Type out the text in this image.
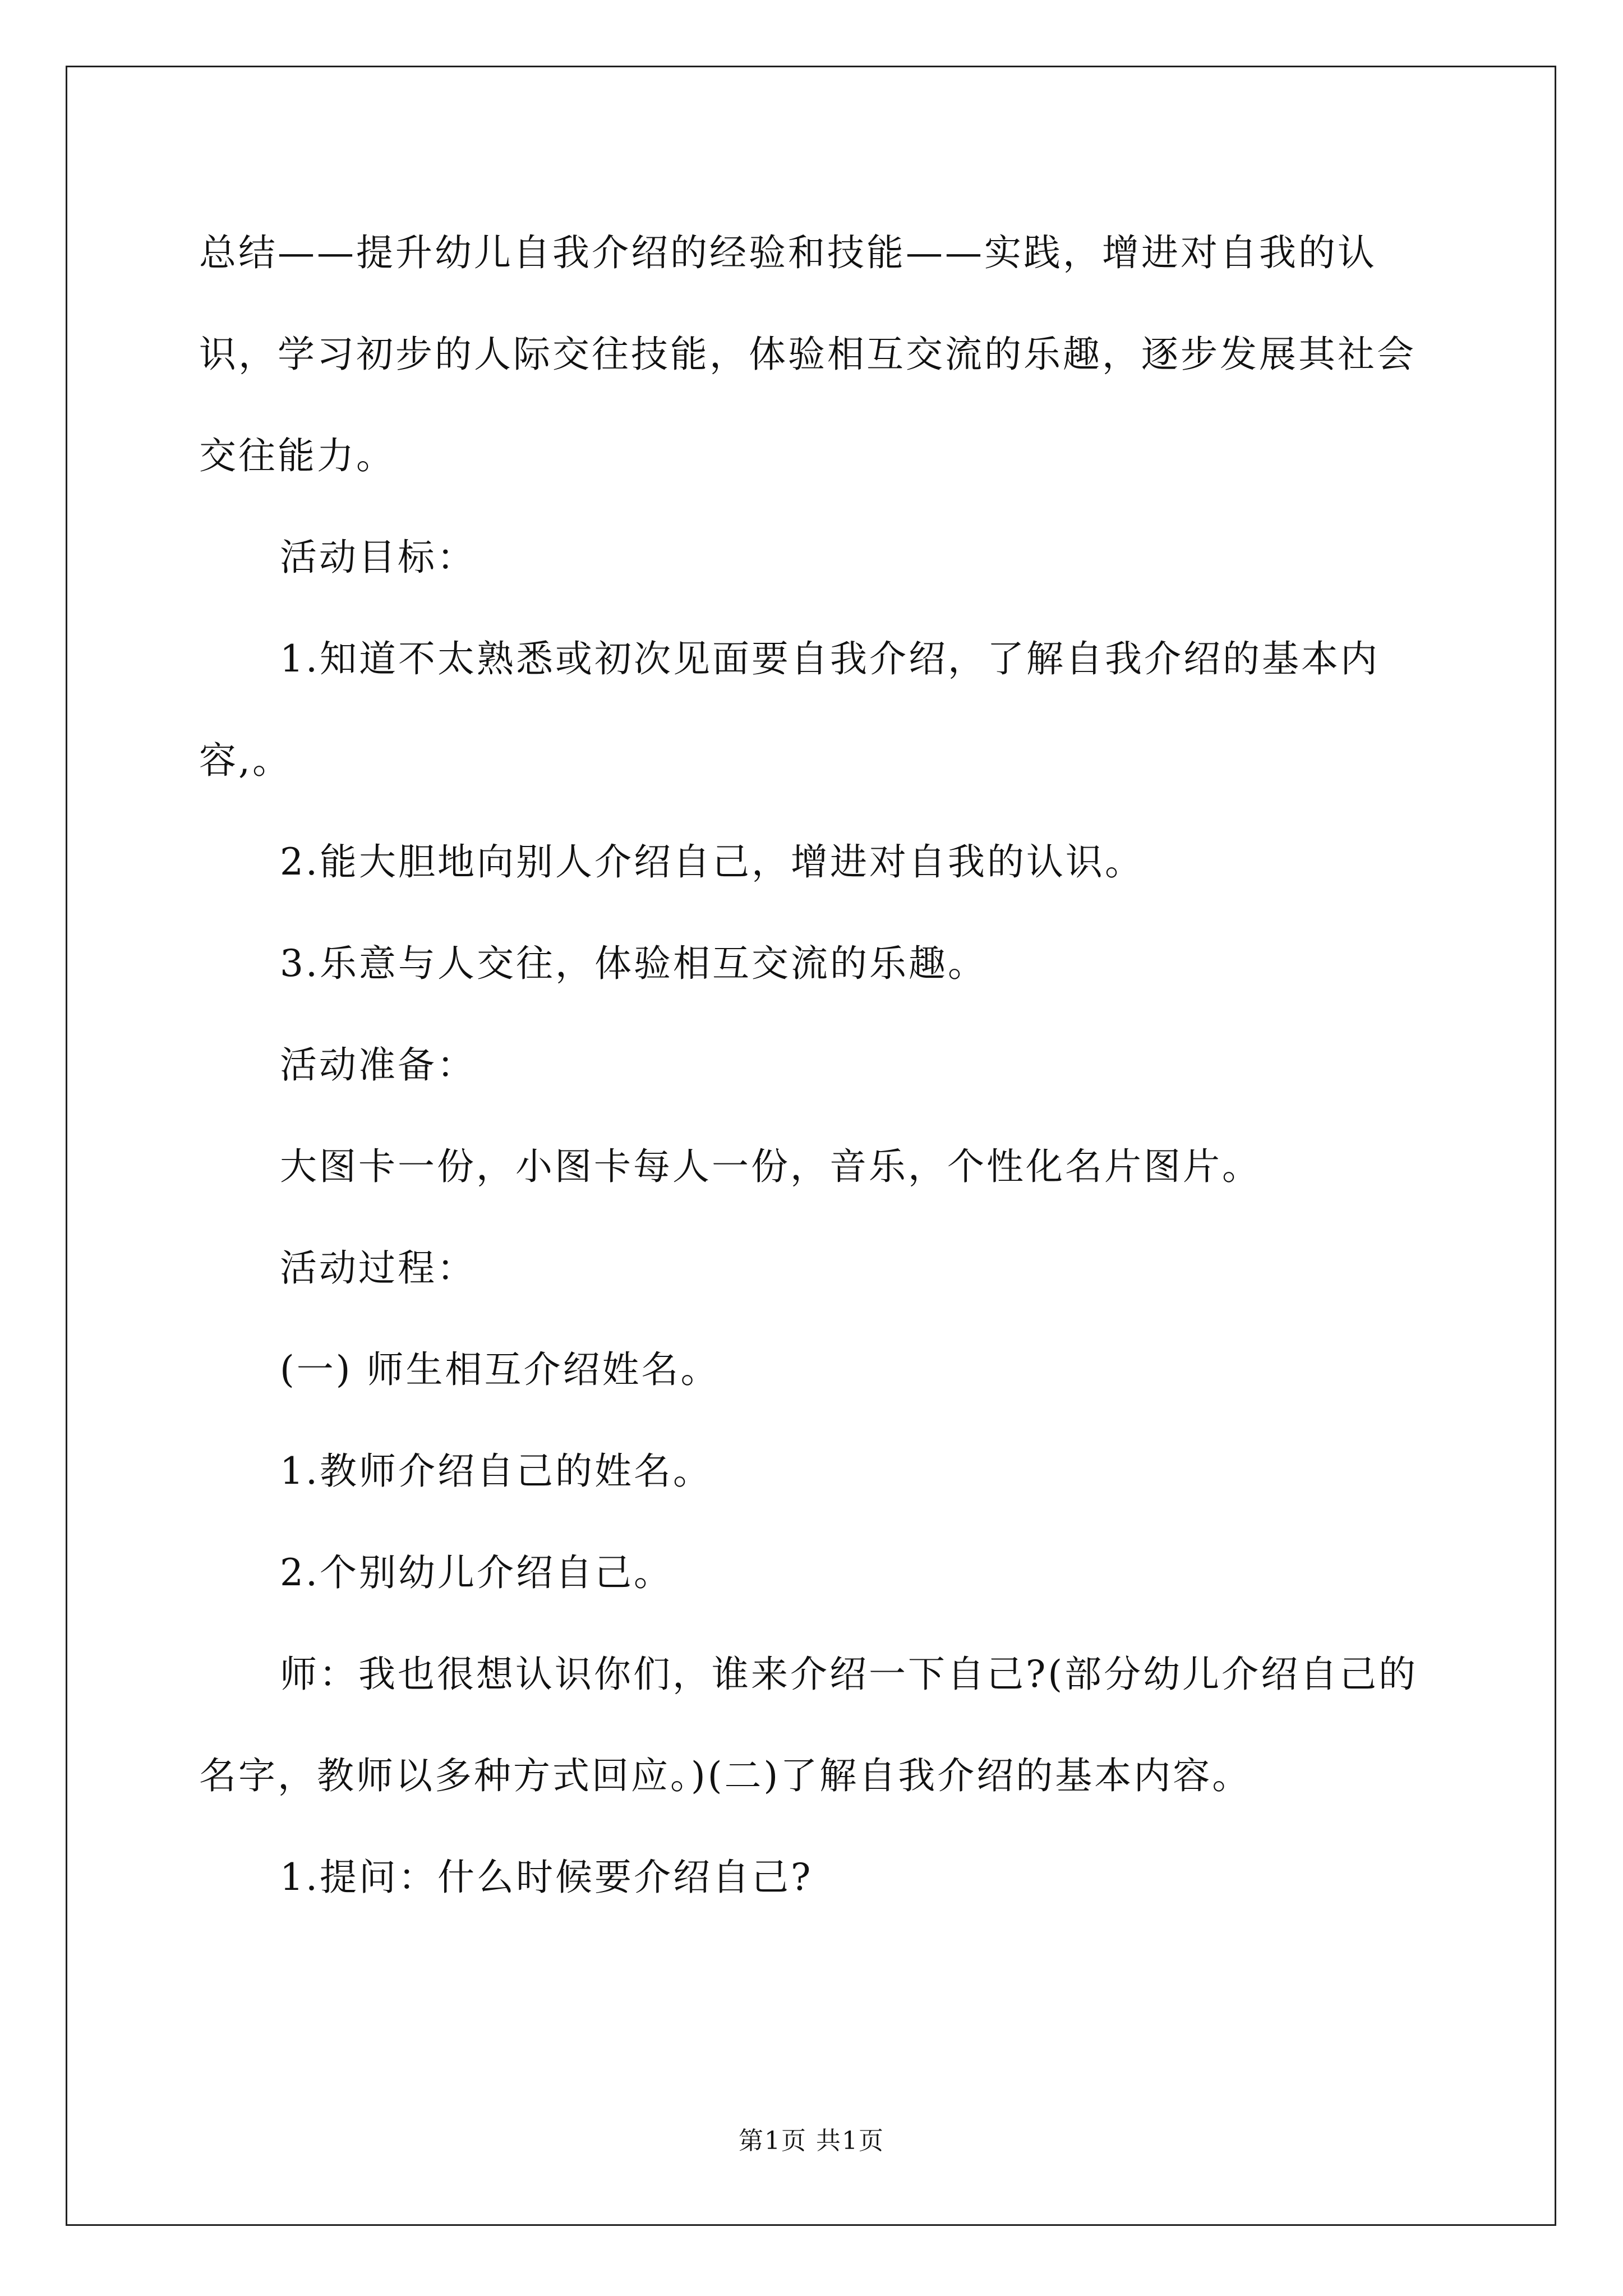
总结——提升幼儿自我介绍的经验和技能——实践，增进对自我的认识，学习初步的人际交往技能，体验相互交流的乐趣，逐步发展其社会交往能力。

活动目标：

1.知道不太熟悉或初次见面要自我介绍，了解自我介绍的基本内容,。

2.能大胆地向别人介绍自己，增进对自我的认识。

3.乐意与人交往，体验相互交流的乐趣。

活动准备：

大图卡一份，小图卡每人一份，音乐，个性化名片图片。

活动过程：

(一) 师生相互介绍姓名。

1.教师介绍自己的姓名。

2.个别幼儿介绍自己。

师：我也很想认识你们，谁来介绍一下自己?(部分幼儿介绍自己的名字，教师以多种方式回应。)(二)了解自我介绍的基本内容。

1.提问：什么时候要介绍自己?

第1页 共1页
